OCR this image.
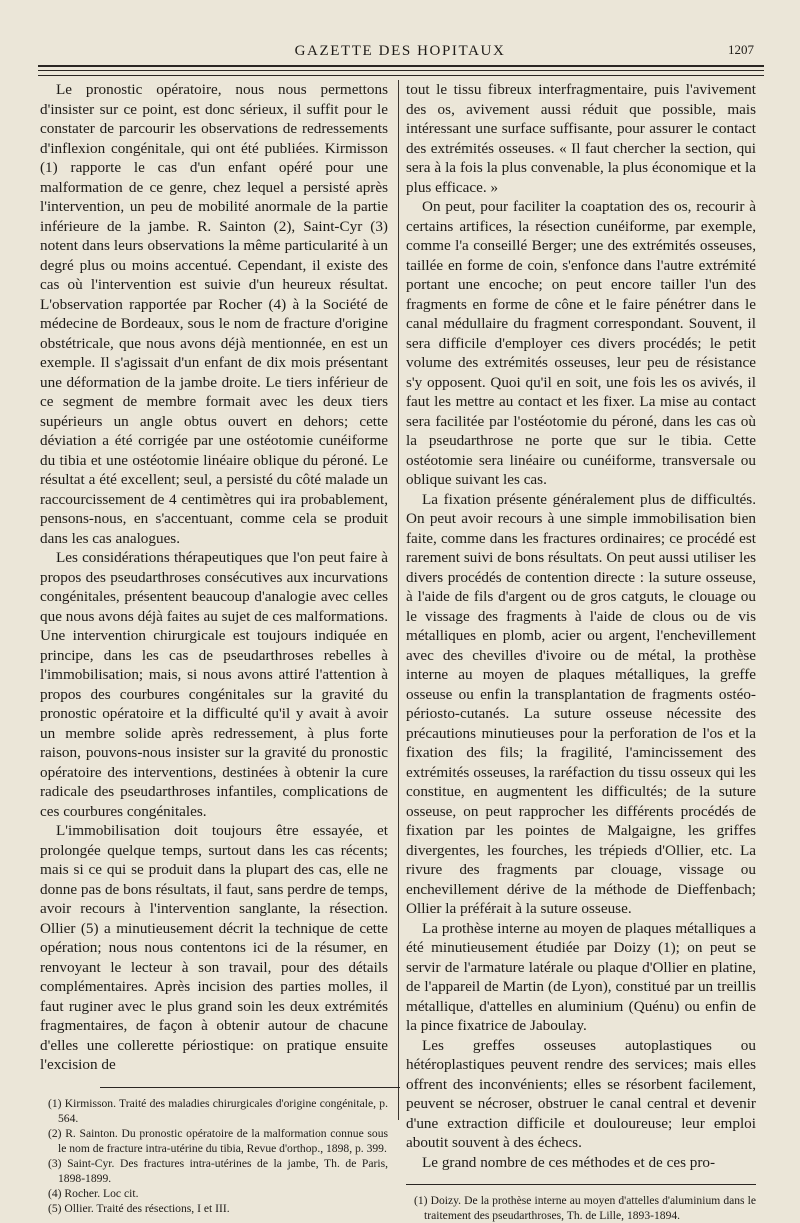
GAZETTE DES HOPITAUX	1207

Le pronostic opératoire, nous nous permettons d'insister sur ce point, est donc sérieux, il suffit pour le constater de parcourir les observations de redressements d'inflexion congénitale, qui ont été publiées. Kirmisson (1) rapporte le cas d'un enfant opéré pour une malformation de ce genre, chez lequel a persisté après l'intervention, un peu de mobilité anormale de la partie inférieure de la jambe. R. Sainton (2), Saint-Cyr (3) notent dans leurs observations la même particularité à un degré plus ou moins accentué. Cependant, il existe des cas où l'intervention est suivie d'un heureux résultat. L'observation rapportée par Rocher (4) à la Société de médecine de Bordeaux, sous le nom de fracture d'origine obstétricale, que nous avons déjà mentionnée, en est un exemple. Il s'agissait d'un enfant de dix mois présentant une déformation de la jambe droite. Le tiers inférieur de ce segment de membre formait avec les deux tiers supérieurs un angle obtus ouvert en dehors; cette déviation a été corrigée par une ostéotomie cunéiforme du tibia et une ostéotomie linéaire oblique du péroné. Le résultat a été excellent; seul, a persisté du côté malade un raccourcissement de 4 centimètres qui ira probablement, pensons-nous, en s'accentuant, comme cela se produit dans les cas analogues.

Les considérations thérapeutiques que l'on peut faire à propos des pseudarthroses consécutives aux incurvations congénitales, présentent beaucoup d'analogie avec celles que nous avons déjà faites au sujet de ces malformations. Une intervention chirurgicale est toujours indiquée en principe, dans les cas de pseudarthroses rebelles à l'immobilisation; mais, si nous avons attiré l'attention à propos des courbures congénitales sur la gravité du pronostic opératoire et la difficulté qu'il y avait à avoir un membre solide après redressement, à plus forte raison, pouvons-nous insister sur la gravité du pronostic opératoire des interventions, destinées à obtenir la cure radicale des pseudarthroses infantiles, complications de ces courbures congénitales.

L'immobilisation doit toujours être essayée, et prolongée quelque temps, surtout dans les cas récents; mais si ce qui se produit dans la plupart des cas, elle ne donne pas de bons résultats, il faut, sans perdre de temps, avoir recours à l'intervention sanglante, la résection. Ollier (5) a minutieusement décrit la technique de cette opération; nous nous contentons ici de la résumer, en renvoyant le lecteur à son travail, pour des détails complémentaires. Après incision des parties molles, il faut ruginer avec le plus grand soin les deux extrémités fragmentaires, de façon à obtenir autour de chacune d'elles une collerette périostique: on pratique ensuite l'excision de

(1) Kirmisson. Traité des maladies chirurgicales d'origine congénitale, p. 564.
(2) R. Sainton. Du pronostic opératoire de la malformation connue sous le nom de fracture intra-utérine du tibia, Revue d'orthop., 1898, p. 399.
(3) Saint-Cyr. Des fractures intra-utérines de la jambe, Th. de Paris, 1898-1899.
(4) Rocher. Loc cit.
(5) Ollier. Traité des résections, I et III.

tout le tissu fibreux interfragmentaire, puis l'avivement des os, avivement aussi réduit que possible, mais intéressant une surface suffisante, pour assurer le contact des extrémités osseuses. « Il faut chercher la section, qui sera à la fois la plus convenable, la plus économique et la plus efficace. »

On peut, pour faciliter la coaptation des os, recourir à certains artifices, la résection cunéiforme, par exemple, comme l'a conseillé Berger; une des extrémités osseuses, taillée en forme de coin, s'enfonce dans l'autre extrémité portant une encoche; on peut encore tailler l'un des fragments en forme de cône et le faire pénétrer dans le canal médullaire du fragment correspondant. Souvent, il sera difficile d'employer ces divers procédés; le petit volume des extrémités osseuses, leur peu de résistance s'y opposent. Quoi qu'il en soit, une fois les os avivés, il faut les mettre au contact et les fixer. La mise au contact sera facilitée par l'ostéotomie du péroné, dans les cas où la pseudarthrose ne porte que sur le tibia. Cette ostéotomie sera linéaire ou cunéiforme, transversale ou oblique suivant les cas.

La fixation présente généralement plus de difficultés. On peut avoir recours à une simple immobilisation bien faite, comme dans les fractures ordinaires; ce procédé est rarement suivi de bons résultats. On peut aussi utiliser les divers procédés de contention directe : la suture osseuse, à l'aide de fils d'argent ou de gros catguts, le clouage ou le vissage des fragments à l'aide de clous ou de vis métalliques en plomb, acier ou argent, l'enchevillement avec des chevilles d'ivoire ou de métal, la prothèse interne au moyen de plaques métalliques, la greffe osseuse ou enfin la transplantation de fragments ostéo-périosto-cutanés. La suture osseuse nécessite des précautions minutieuses pour la perforation de l'os et la fixation des fils; la fragilité, l'amincissement des extrémités osseuses, la raréfaction du tissu osseux qui les constitue, en augmentent les difficultés; de la suture osseuse, on peut rapprocher les différents procédés de fixation par les pointes de Malgaigne, les griffes divergentes, les fourches, les trépieds d'Ollier, etc. La rivure des fragments par clouage, vissage ou enchevillement dérive de la méthode de Dieffenbach; Ollier la préférait à la suture osseuse.

La prothèse interne au moyen de plaques métalliques a été minutieusement étudiée par Doizy (1); on peut se servir de l'armature latérale ou plaque d'Ollier en platine, de l'appareil de Martin (de Lyon), constitué par un treillis métallique, d'attelles en aluminium (Quénu) ou enfin de la pince fixatrice de Jaboulay.

Les greffes osseuses autoplastiques ou hétéroplastiques peuvent rendre des services; mais elles offrent des inconvénients; elles se résorbent facilement, peuvent se nécroser, obstruer le canal central et devenir d'une extraction difficile et douloureuse; leur emploi aboutit souvent à des échecs.

Le grand nombre de ces méthodes et de ces pro-

(1) Doizy. De la prothèse interne au moyen d'attelles d'aluminium dans le traitement des pseudarthroses, Th. de Lille, 1893-1894.
